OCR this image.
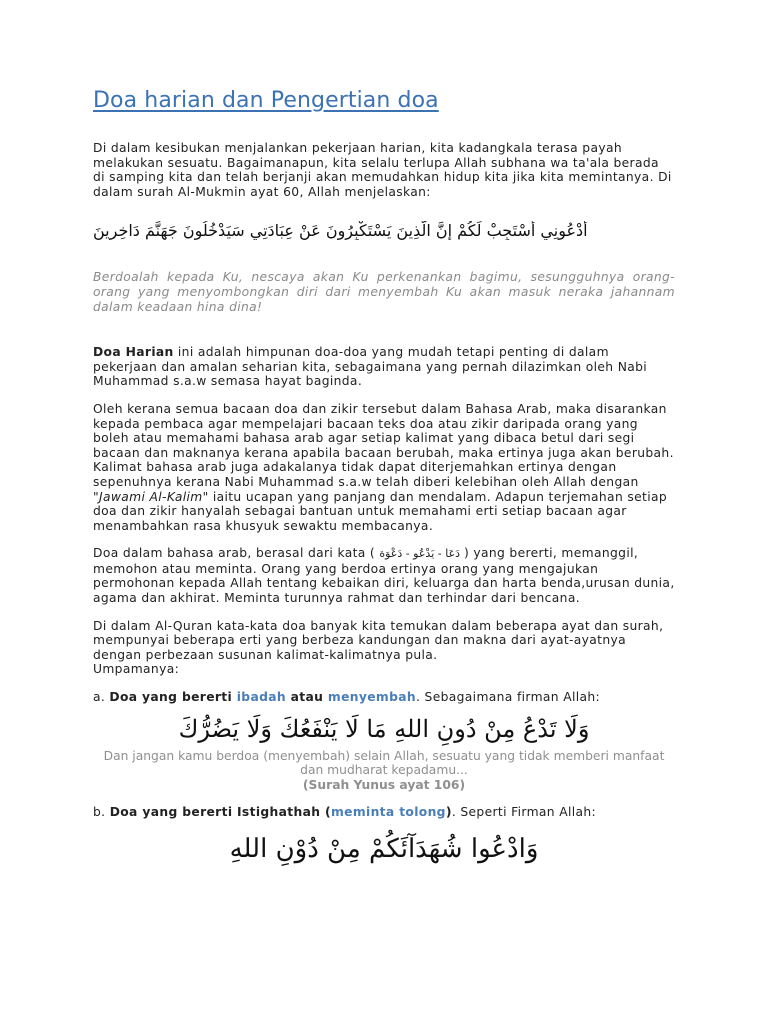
Doa harian dan Pengertian doa

Di dalam kesibukan menjalankan pekerjaan harian, kita kadangkala terasa payah melakukan sesuatu. Bagaimanapun, kita selalu terlupa Allah subhana wa ta'ala berada di samping kita dan telah berjanji akan memudahkan hidup kita jika kita memintanya. Di dalam surah Al-Mukmin ayat 60, Allah menjelaskan:

أُدْعُونِي أَسْتَجِبْ لَكُمْ إِنَّ الَّذِينَ يَسْتَكْبِرُونَ عَنْ عِبَادَتِي سَيَدْخُلُونَ جَهَنَّمَ دَاخِرِينَ

Berdoalah kepada Ku, nescaya akan Ku perkenankan bagimu, sesungguhnya orang-orang yang menyombongkan diri dari menyembah Ku akan masuk neraka jahannam dalam keadaan hina dina!

Doa Harian ini adalah himpunan doa-doa yang mudah tetapi penting di dalam pekerjaan dan amalan seharian kita, sebagaimana yang pernah dilazimkan oleh Nabi Muhammad s.a.w semasa hayat baginda.

Oleh kerana semua bacaan doa dan zikir tersebut dalam Bahasa Arab, maka disarankan kepada pembaca agar mempelajari bacaan teks doa atau zikir daripada orang yang boleh atau memahami bahasa arab agar setiap kalimat yang dibaca betul dari segi bacaan dan maknanya kerana apabila bacaan berubah, maka ertinya juga akan berubah. Kalimat bahasa arab juga adakalanya tidak dapat diterjemahkan ertinya dengan sepenuhnya kerana Nabi Muhammad s.a.w telah diberi kelebihan oleh Allah dengan "Jawami Al-Kalim" iaitu ucapan yang panjang dan mendalam. Adapun terjemahan setiap doa dan zikir hanyalah sebagai bantuan untuk memahami erti setiap bacaan agar menambahkan rasa khusyuk sewaktu membacanya.

Doa dalam bahasa arab, berasal dari kata ( دَعَا - يَدْعُو - دَعْوَة ) yang bererti, memanggil, memohon atau meminta. Orang yang berdoa ertinya orang yang mengajukan permohonan kepada Allah tentang kebaikan diri, keluarga dan harta benda,urusan dunia, agama dan akhirat. Meminta turunnya rahmat dan terhindar dari bencana.

Di dalam Al-Quran kata-kata doa banyak kita temukan dalam beberapa ayat dan surah, mempunyai beberapa erti yang berbeza kandungan dan makna dari ayat-ayatnya dengan perbezaan susunan kalimat-kalimatnya pula.

Umpamanya:

a. Doa yang bererti ibadah atau menyembah. Sebagaimana firman Allah:

وَلَا تَدْعُ مِنْ دُونِ اللهِ مَا لَا يَنْفَعُكَ وَلَا يَضُرُّكَ
Dan jangan kamu berdoa (menyembah) selain Allah, sesuatu yang tidak memberi manfaat dan mudharat kepadamu...
(Surah Yunus ayat 106)

b. Doa yang bererti Istighathah (meminta tolong). Seperti Firman Allah:

وَادْعُوا شُهَدَآئَكُمْ مِنْ دُوْنِ اللهِ
